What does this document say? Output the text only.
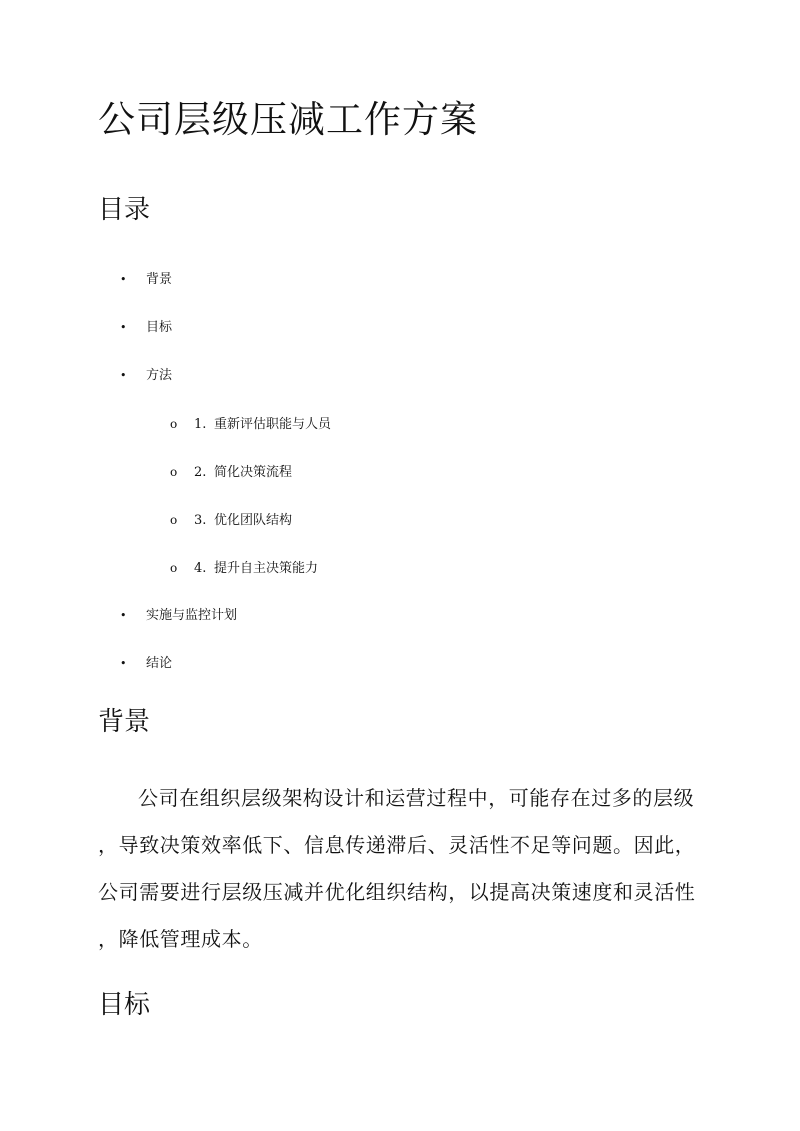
公司层级压减工作方案
目录
• 背景
• 目标
• 方法
o 1. 重新评估职能与人员
o 2. 简化决策流程
o 3. 优化团队结构
o 4. 提升自主决策能力
• 实施与监控计划
• 结论
背景

公司在组织层级架构设计和运营过程中，可能存在过多的层级
，导致决策效率低下、信息传递滞后、灵活性不足等问题。因此，
公司需要进行层级压减并优化组织结构，以提高决策速度和灵活性
，降低管理成本。

目标
